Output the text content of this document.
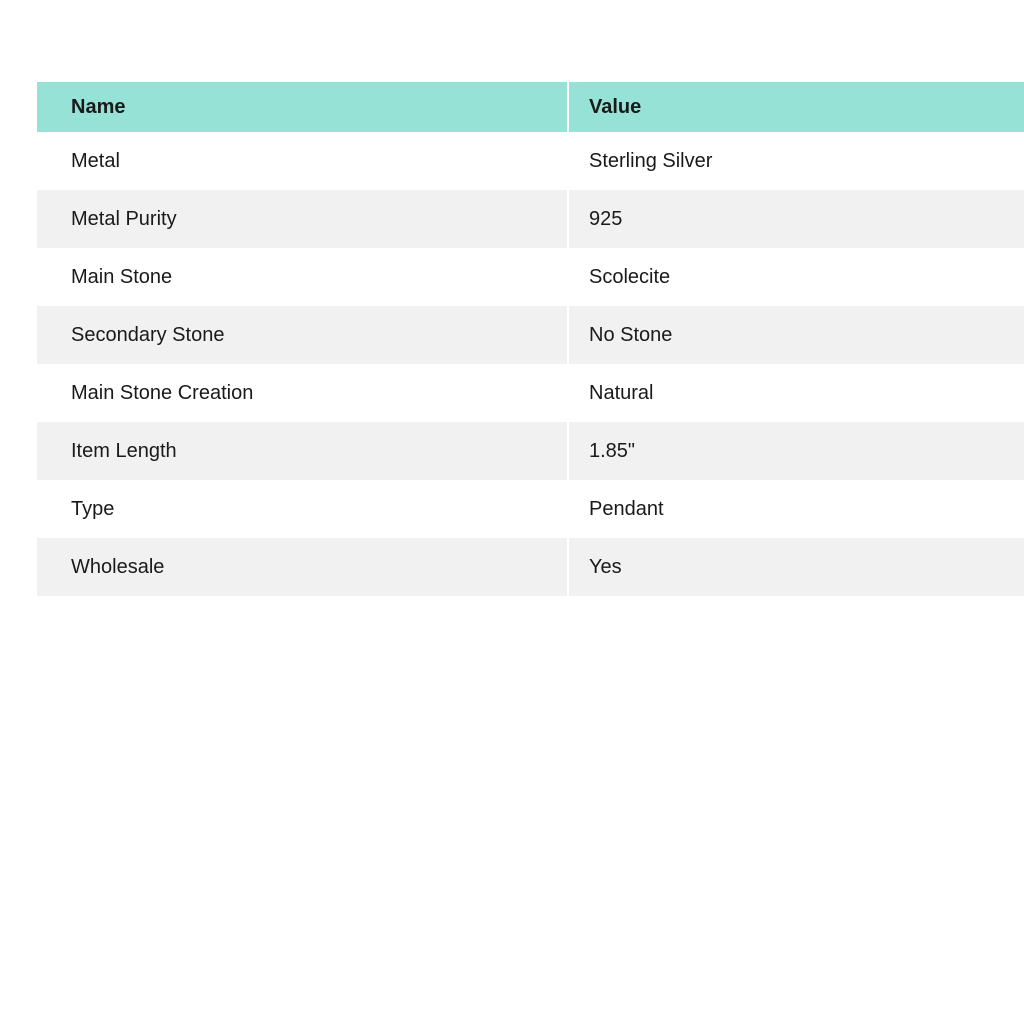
Name	Value
Metal	Sterling Silver
Metal Purity	925
Main Stone	Scolecite
Secondary Stone	No Stone
Main Stone Creation	Natural
Item Length	1.85"
Type	Pendant
Wholesale	Yes
